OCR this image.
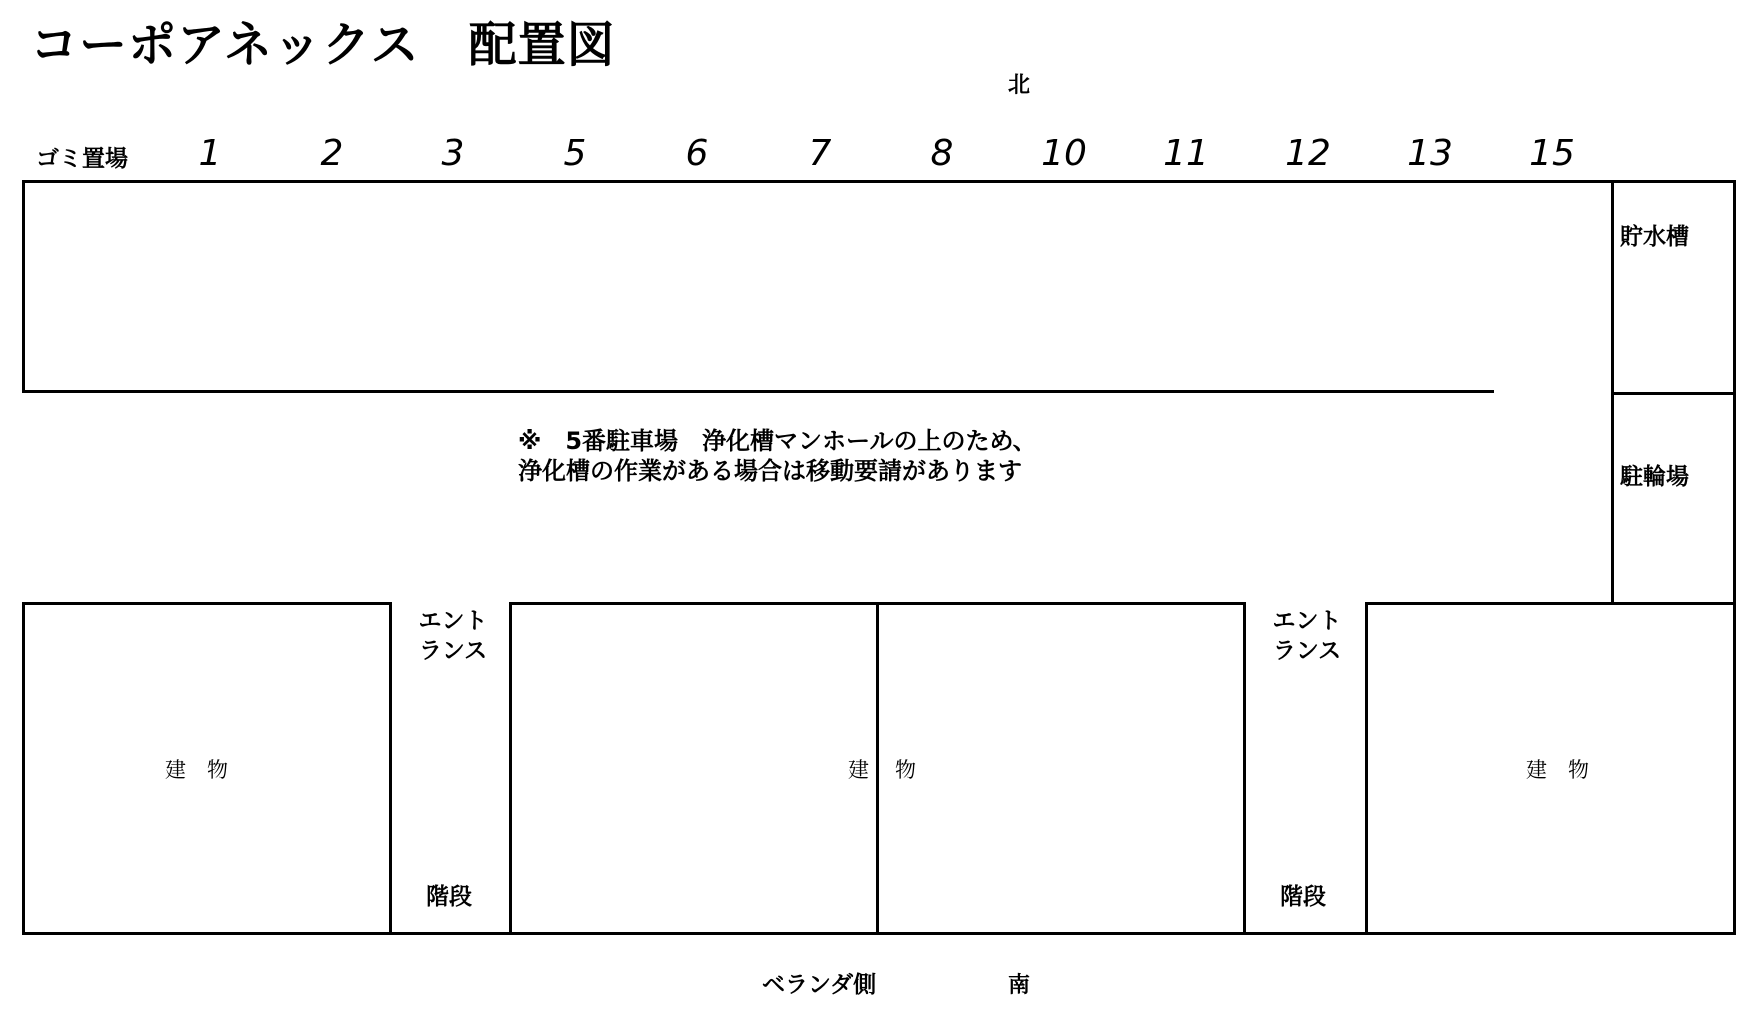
コーポアネックス　配置図
北
ゴミ置場	1	2	3	5	6	7	8	10 11 12 13 15
貯水槽
駐輪場
※　5番駐車場　浄化槽マンホールの上のため、
浄化槽の作業がある場合は移動要請があります
建　物
エント
ランス
階段
建 物
エント
ランス
階段
建　物
ベランダ側	南
